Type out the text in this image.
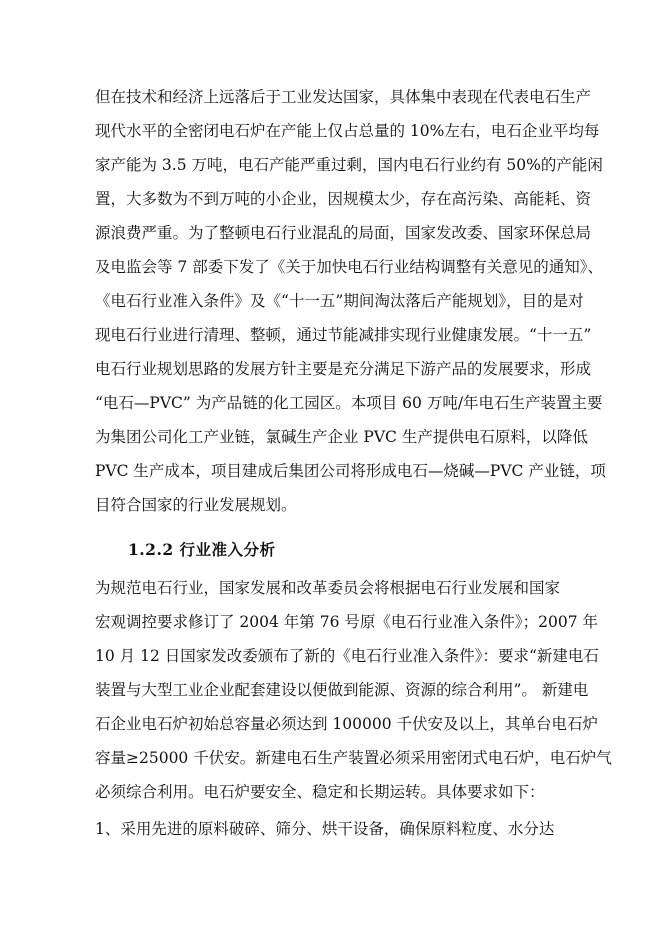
但在技术和经济上远落后于工业发达国家，具体集中表现在代表电石生产
现代水平的全密闭电石炉在产能上仅占总量的 10%左右，电石企业平均每
家产能为 3.5 万吨，电石产能严重过剩，国内电石行业约有 50%的产能闲
置，大多数为不到万吨的小企业，因规模太少，存在高污染、高能耗、资
源浪费严重。为了整顿电石行业混乱的局面，国家发改委、国家环保总局
及电监会等 7 部委下发了《关于加快电石行业结构调整有关意见的通知》、
《电石行业准入条件》及《“十一五”期间淘汰落后产能规划》，目的是对
现电石行业进行清理、整顿，通过节能减排实现行业健康发展。“十一五”
电石行业规划思路的发展方针主要是充分满足下游产品的发展要求，形成
“电石—PVC” 为产品链的化工园区。本项目 60 万吨/年电石生产装置主要
为集团公司化工产业链，氯碱生产企业 PVC 生产提供电石原料，以降低
PVC 生产成本，项目建成后集团公司将形成电石—烧碱—PVC 产业链，项
目符合国家的行业发展规划。
1.2.2 行业准入分析
为规范电石行业，国家发展和改革委员会将根据电石行业发展和国家
宏观调控要求修订了 2004 年第 76 号原《电石行业准入条件》；2007 年
10 月 12 日国家发改委颁布了新的《电石行业准入条件》：要求“新建电石
装置与大型工业企业配套建设以便做到能源、资源的综合利用”。 新建电
石企业电石炉初始总容量必须达到 100000 千伏安及以上，其单台电石炉
容量≥25000 千伏安。新建电石生产装置必须采用密闭式电石炉，电石炉气
必须综合利用。电石炉要安全、稳定和长期运转。具体要求如下：
1、采用先进的原料破碎、筛分、烘干设备，确保原料粒度、水分达
